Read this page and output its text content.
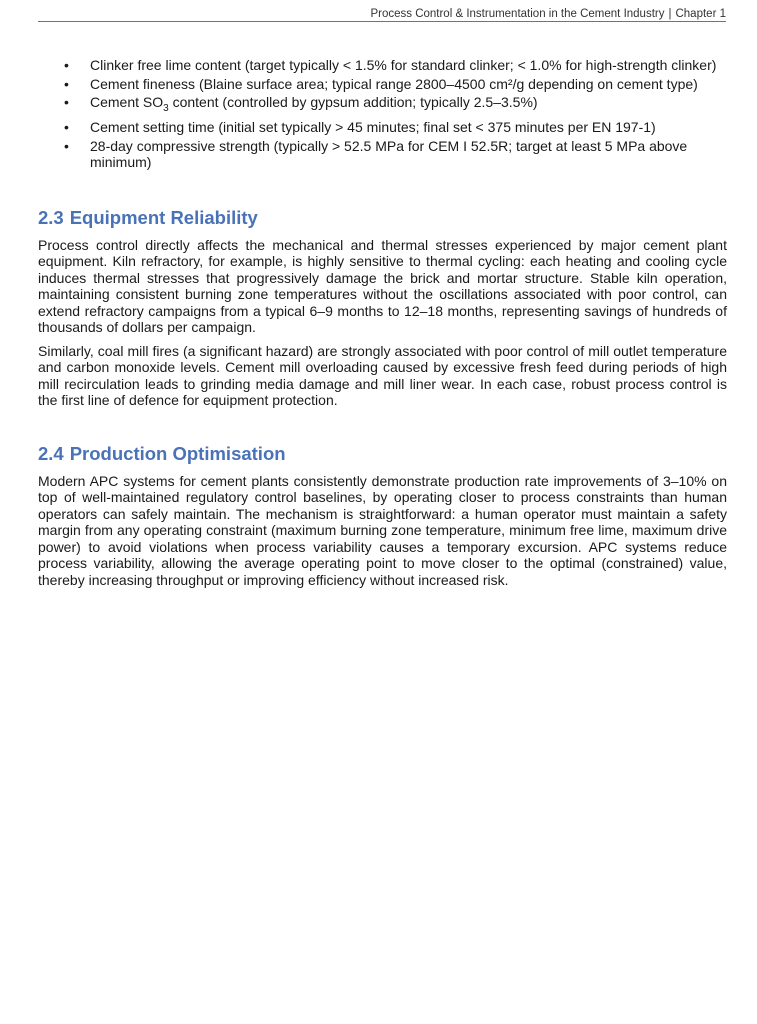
Process Control & Instrumentation in the Cement Industry | Chapter 1
• Clinker free lime content (target typically < 1.5% for standard clinker; < 1.0% for high-strength clinker)
• Cement fineness (Blaine surface area; typical range 2800–4500 cm²/g depending on cement type)
• Cement $SO_3$ content (controlled by gypsum addition; typically 2.5–3.5%)
• Cement setting time (initial set typically > 45 minutes; final set < 375 minutes per EN 197-1)
• 28-day compressive strength (typically > 52.5 MPa for CEM I 52.5R; target at least 5 MPa above minimum)
2.3 Equipment Reliability

Process control directly affects the mechanical and thermal stresses experienced by major cement plant equipment. Kiln refractory, for example, is highly sensitive to thermal cycling: each heating and cooling cycle induces thermal stresses that progressively damage the brick and mortar structure. Stable kiln operation, maintaining consistent burning zone temperatures without the oscillations associated with poor control, can extend refractory campaigns from a typical 6–9 months to 12–18 months, representing savings of hundreds of thousands of dollars per campaign.

Similarly, coal mill fires (a significant hazard) are strongly associated with poor control of mill outlet temperature and carbon monoxide levels. Cement mill overloading caused by excessive fresh feed during periods of high mill recirculation leads to grinding media damage and mill liner wear. In each case, robust process control is the first line of defence for equipment protection.

2.4 Production Optimisation

Modern APC systems for cement plants consistently demonstrate production rate improvements of 3–10% on top of well-maintained regulatory control baselines, by operating closer to process constraints than human operators can safely maintain. The mechanism is straightforward: a human operator must maintain a safety margin from any operating constraint (maximum burning zone temperature, minimum free lime, maximum drive power) to avoid violations when process variability causes a temporary excursion. APC systems reduce process variability, allowing the average operating point to move closer to the optimal (constrained) value, thereby increasing throughput or improving efficiency without increased risk.
